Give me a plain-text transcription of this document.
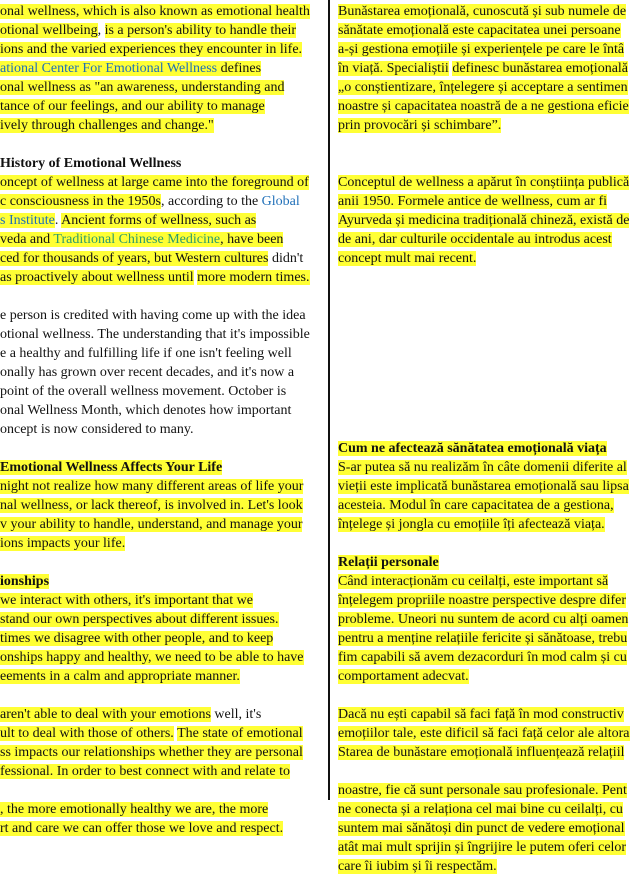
onal wellness, which is also known as emotional health
otional wellbeing, is a person's ability to handle their
ions and the varied experiences they encounter in life.
ational Center For Emotional Wellness defines
onal wellness as "an awareness, understanding and
tance of our feelings, and our ability to manage
ively through challenges and change."
History of Emotional Wellness
oncept of wellness at large came into the foreground of
c consciousness in the 1950s, according to the Global
s Institute. Ancient forms of wellness, such as
veda and Traditional Chinese Medicine, have been
ced for thousands of years, but Western cultures didn't
as proactively about wellness until more modern times.
e person is credited with having come up with the idea
otional wellness. The understanding that it's impossible
e a healthy and fulfilling life if one isn't feeling well
onally has grown over recent decades, and it's now a
point of the overall wellness movement. October is
onal Wellness Month, which denotes how important
oncept is now considered to many.
Emotional Wellness Affects Your Life
night not realize how many different areas of life your
nal wellness, or lack thereof, is involved in. Let's look
v your ability to handle, understand, and manage your
ions impacts your life.
ionships
we interact with others, it's important that we
stand our own perspectives about different issues.
times we disagree with other people, and to keep
onships happy and healthy, we need to be able to have
eements in a calm and appropriate manner.
aren't able to deal with your emotions well, it's
ult to deal with those of others. The state of emotional
ss impacts our relationships whether they are personal
fessional. In order to best connect with and relate to
, the more emotionally healthy we are, the more
rt and care we can offer those we love and respect.
Bunăstarea emoțională, cunoscută și sub numele de
sănătate emoțională este capacitatea unei persoane
a-și gestiona emoțiile și experiențele pe care le întâ
în viață. Specialiștii definesc bunăstarea emoțională
„o conștientizare, înțelegere și acceptare a sentimen
noastre și capacitatea noastră de a ne gestiona eficie
prin provocări și schimbare”.
Conceptul de wellness a apărut în conștiința publică
anii 1950. Formele antice de wellness, cum ar fi
Ayurveda și medicina tradițională chineză, există de
de ani, dar culturile occidentale au introdus acest
concept mult mai recent.
Cum ne afectează sănătatea emoțională viața
S-ar putea să nu realizăm în câte domenii diferite al
vieții este implicată bunăstarea emoțională sau lipsa
acesteia. Modul în care capacitatea de a gestiona,
înțelege și jongla cu emoțiile îți afectează viața.
Relații personale
Când interacționăm cu ceilalți, este important să
înțelegem propriile noastre perspective despre difer
probleme. Uneori nu suntem de acord cu alți oamen
pentru a menține relațiile fericite și sănătoase, trebu
fim capabili să avem dezacorduri în mod calm și cu
comportament adecvat.
Dacă nu ești capabil să faci față în mod constructiv
emoțiilor tale, este dificil să faci față celor ale altora
Starea de bunăstare emoțională influențează relațiil
noastre, fie că sunt personale sau profesionale. Pent
ne conecta și a relaționa cel mai bine cu ceilalți, cu
suntem mai sănătoși din punct de vedere emoțional
atât mai mult sprijin și îngrijire le putem oferi celor
care îi iubim și îi respectăm.
